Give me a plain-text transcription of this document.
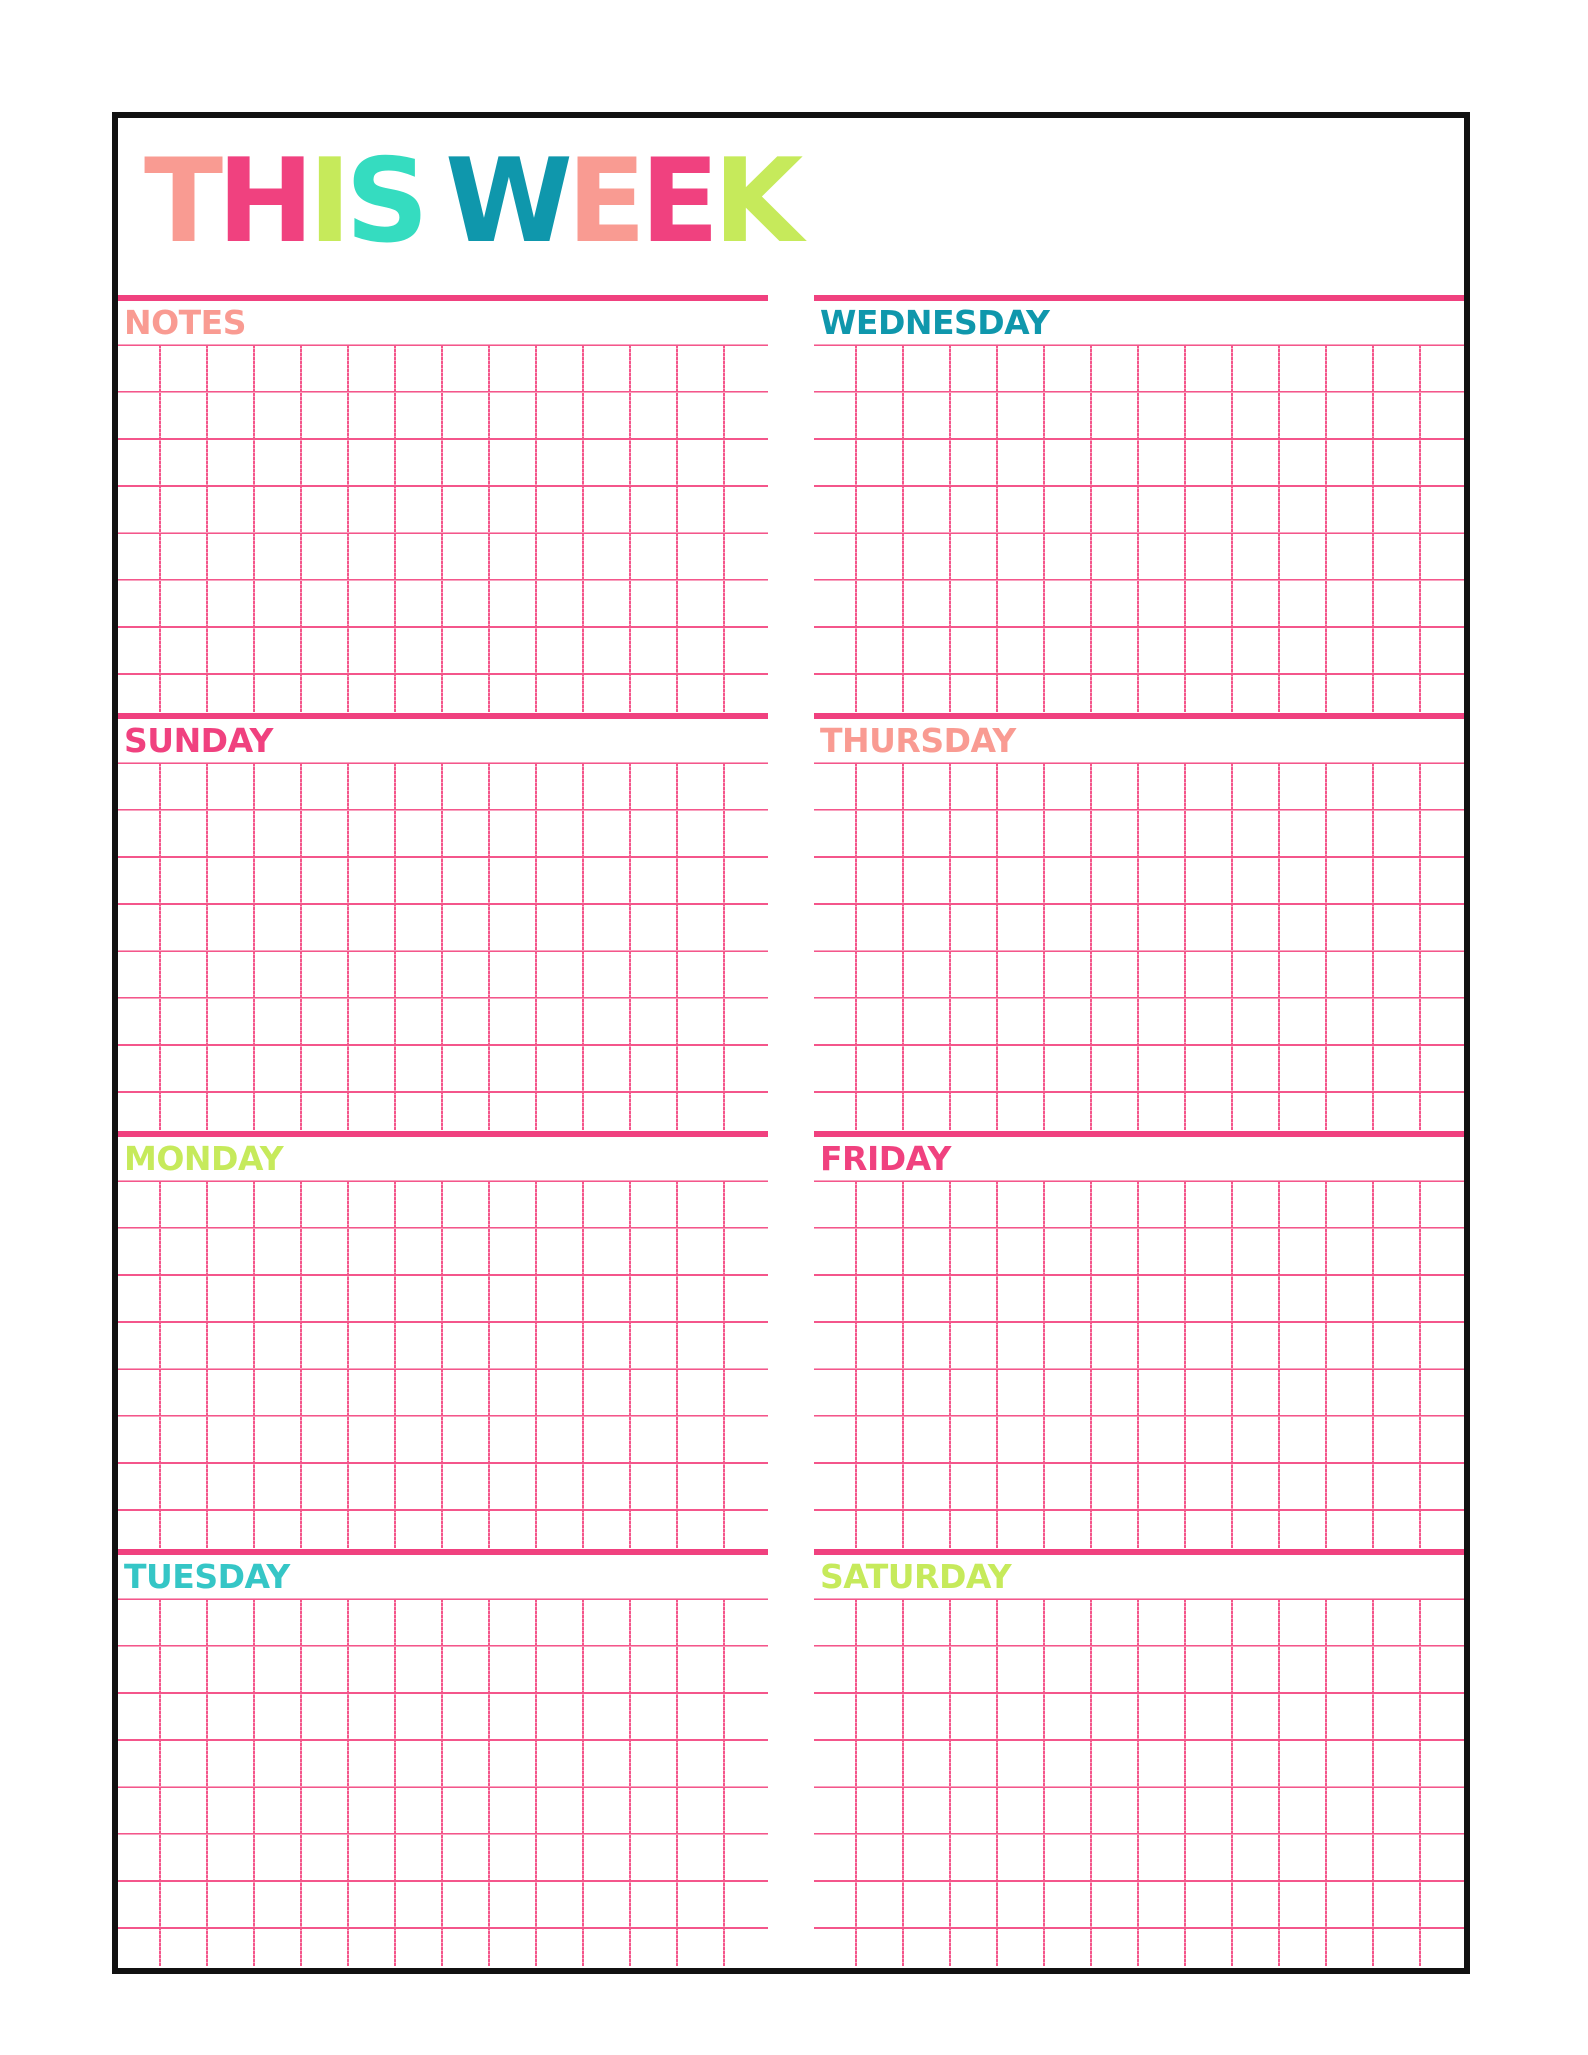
THIS WEEK
NOTES
SUNDAY
MONDAY
TUESDAY
WEDNESDAY
THURSDAY
FRIDAY
SATURDAY
